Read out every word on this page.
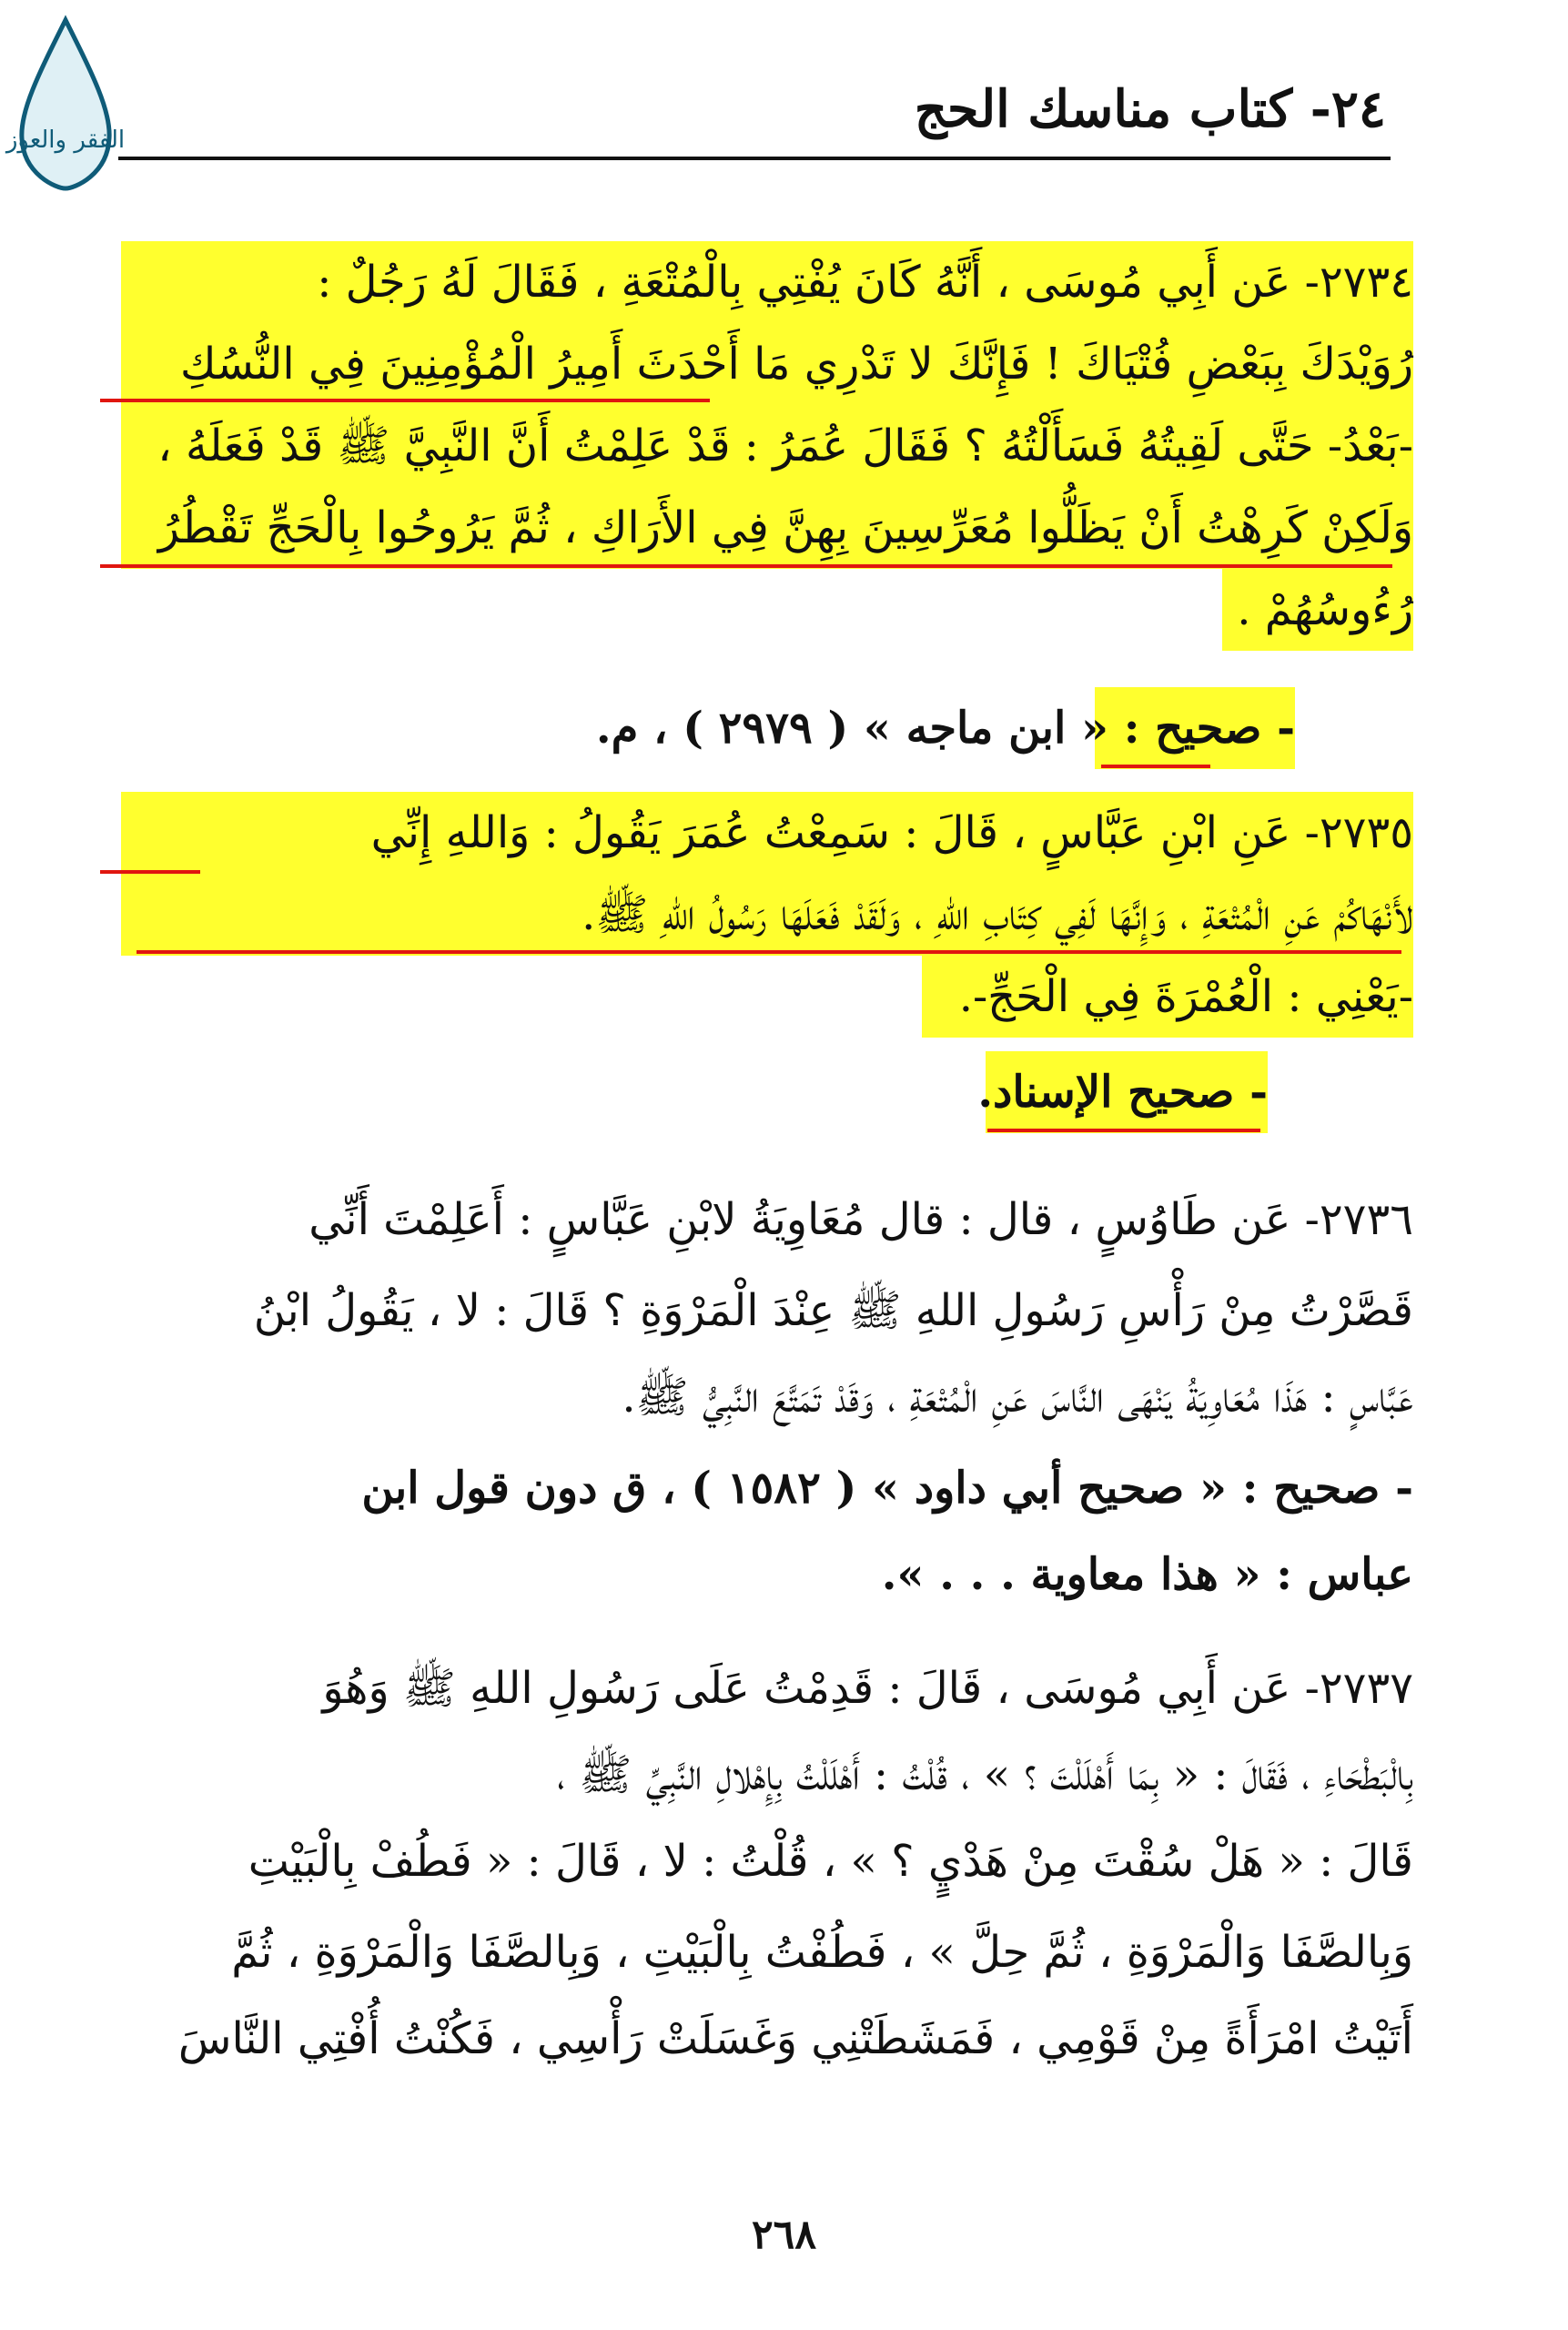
الفقر والعوز
٢٤- كتاب مناسك الحج
٢٧٣٤- عَن أَبِي مُوسَى ، أَنَّهُ كَانَ يُفْتِي بِالْمُتْعَةِ ، فَقَالَ لَهُ رَجُلٌ :
رُوَيْدَكَ بِبَعْضِ فُتْيَاكَ ! فَإِنَّكَ لا تَدْرِي مَا أَحْدَثَ أَمِيرُ الْمُؤْمِنِينَ فِي النُّسُكِ
-بَعْدُ- حَتَّى لَقِيتُهُ فَسَأَلْتُهُ ؟ فَقَالَ عُمَرُ : قَدْ عَلِمْتُ أَنَّ النَّبِيَّ ﷺ قَدْ فَعَلَهُ ،
وَلَكِنْ كَرِهْتُ أَنْ يَظَلُّوا مُعَرِّسِينَ بِهِنَّ فِي الأَرَاكِ ، ثُمَّ يَرُوحُوا بِالْحَجِّ تَقْطُرُ
رُءُوسُهُمْ .
- صحيح : « ابن ماجه » ( ٢٩٧٩ ) ، م.
٢٧٣٥- عَنِ ابْنِ عَبَّاسٍ ، قَالَ : سَمِعْتُ عُمَرَ يَقُولُ : وَاللهِ إِنِّي
لأَنْهَاكُمْ عَنِ الْمُتْعَةِ ، وَإِنَّهَا لَفِي كِتَابِ اللهِ ، وَلَقَدْ فَعَلَهَا رَسُولُ اللهِ ﷺ.
-يَعْنِي : الْعُمْرَةَ فِي الْحَجِّ-.
- صحيح الإسناد.
٢٧٣٦- عَن طَاوُسٍ ، قال : قال مُعَاوِيَةُ لابْنِ عَبَّاسٍ : أَعَلِمْتَ أَنِّي
قَصَّرْتُ مِنْ رَأْسِ رَسُولِ اللهِ ﷺ عِنْدَ الْمَرْوَةِ ؟ قَالَ : لا ، يَقُولُ ابْنُ
عَبَّاسٍ : هَذَا مُعَاوِيَةُ يَنْهَى النَّاسَ عَنِ الْمُتْعَةِ ، وَقَدْ تَمَتَّعَ النَّبِيُّ ﷺ.
- صحيح : « صحيح أبي داود » ( ١٥٨٢ ) ، ق دون قول ابن
عباس : « هذا معاوية . . . ».
٢٧٣٧- عَن أَبِي مُوسَى ، قَالَ : قَدِمْتُ عَلَى رَسُولِ اللهِ ﷺ وَهُوَ
بِالْبَطْحَاءِ ، فَقَالَ : « بِمَا أَهْلَلْتَ ؟ » ، قُلْتُ : أَهْلَلْتُ بِإِهْلالِ النَّبِيِّ ﷺ ،
قَالَ : « هَلْ سُقْتَ مِنْ هَدْيٍ ؟ » ، قُلْتُ : لا ، قَالَ : « فَطُفْ بِالْبَيْتِ
وَبِالصَّفَا وَالْمَرْوَةِ ، ثُمَّ حِلَّ » ، فَطُفْتُ بِالْبَيْتِ ، وَبِالصَّفَا وَالْمَرْوَةِ ، ثُمَّ
أَتَيْتُ امْرَأَةً مِنْ قَوْمِي ، فَمَشَطَتْنِي وَغَسَلَتْ رَأْسِي ، فَكُنْتُ أُفْتِي النَّاسَ
٢٦٨
